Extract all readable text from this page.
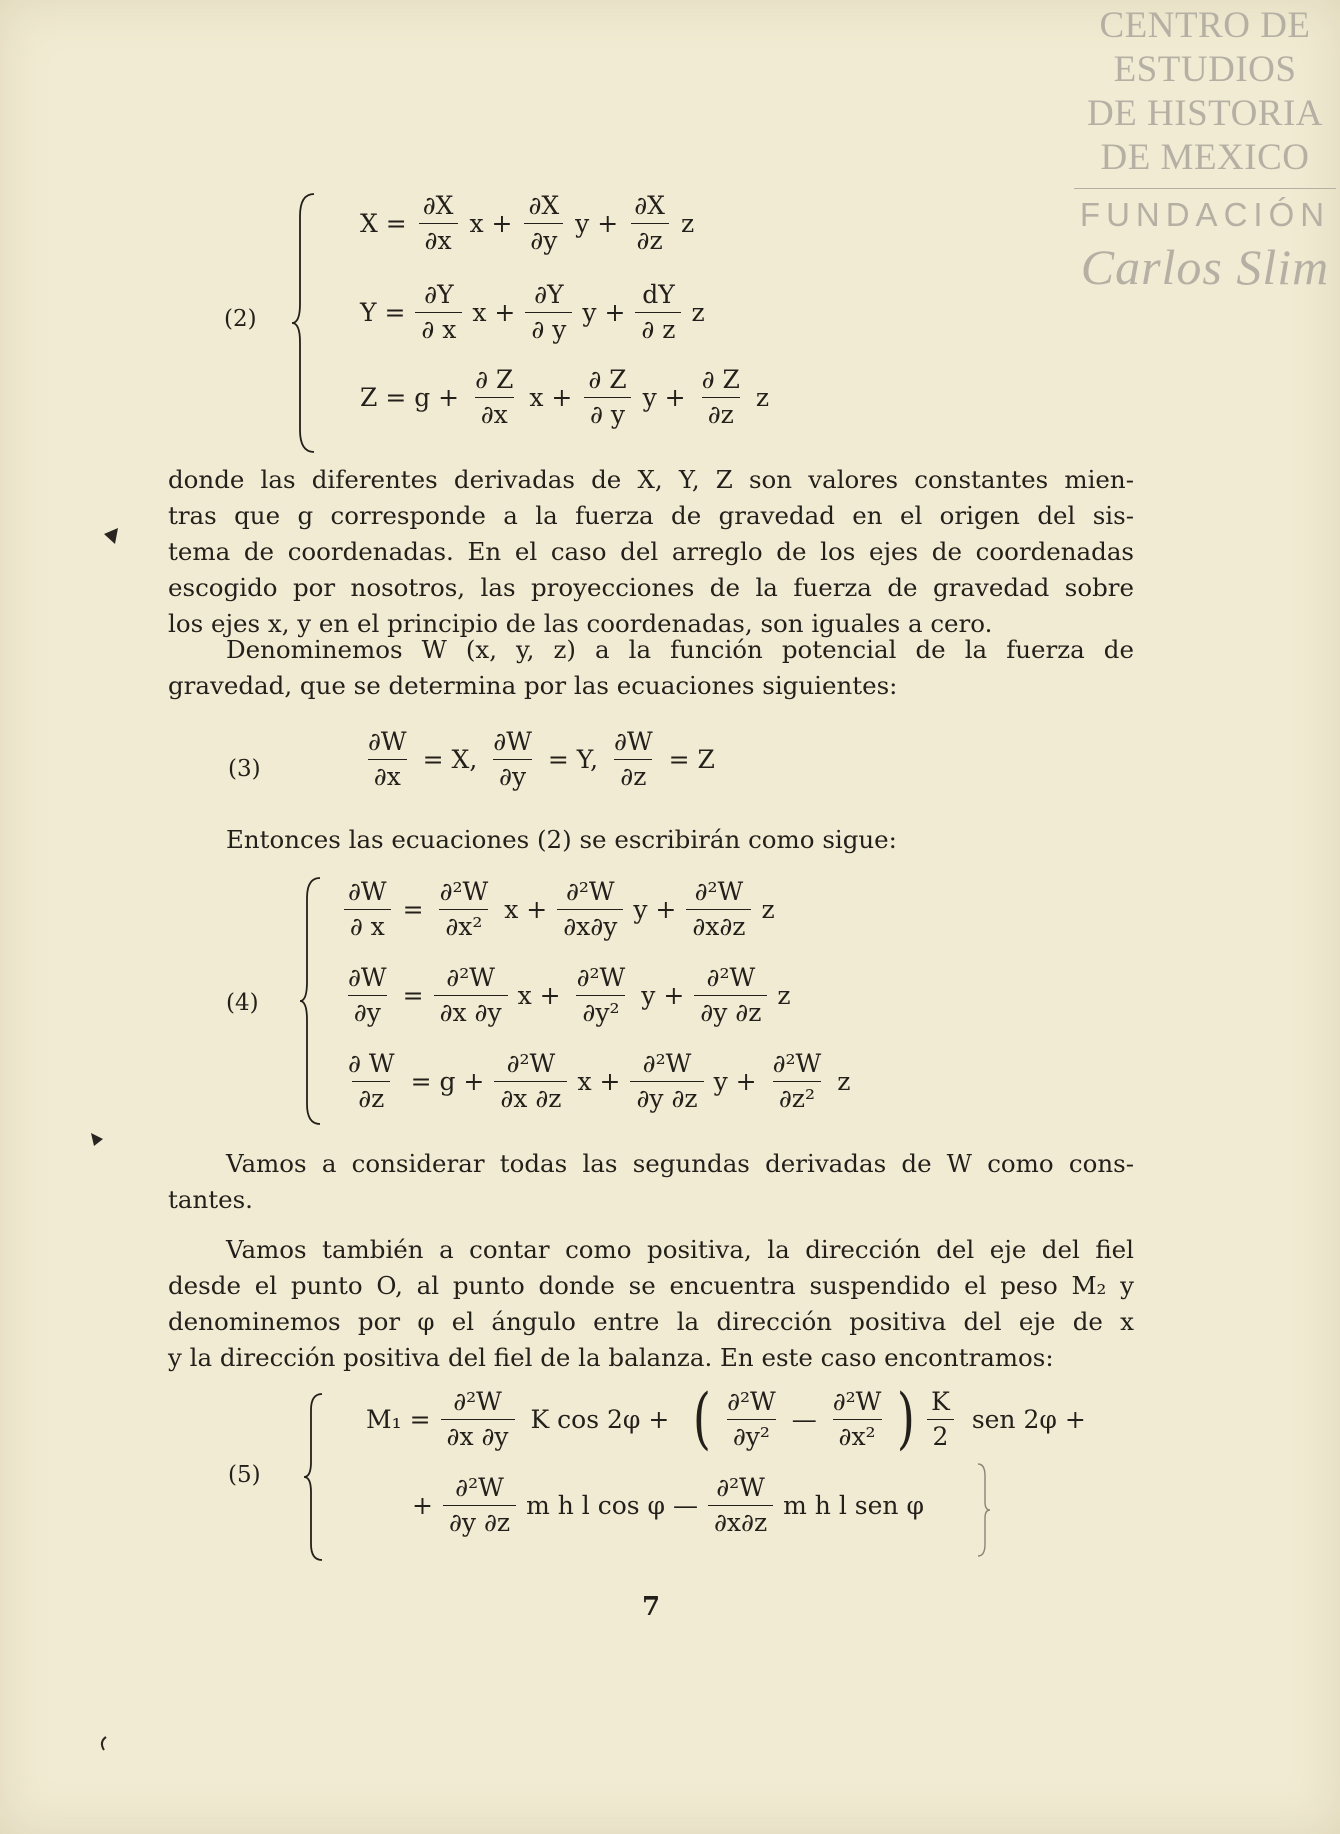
CENTRO DE
ESTUDIOS
DE HISTORIA
DE MEXICO
FUNDACIÓN
Carlos Slim
(2)
$X = \frac{\partial X}{\partial x}$ $x + \frac{\partial X}{\partial y}$ $y + \frac{\partial X}{\partial z}$ z
$Y = \frac{\partial Y}{\partial x}$ $x + \frac{\partial Y}{\partial y}$ $y + \frac{dY}{\partial z}$ z
$Z = g + \frac{\partial Z}{\partial x}$ $x + \frac{\partial Z}{\partial y}$ $y + \frac{\partial Z}{\partial z}$ z
donde las diferentes derivadas de X, Y, Z son valores constantes mien-
tras que g corresponde a la fuerza de gravedad en el origen del sis-
tema de coordenadas. En el caso del arreglo de los ejes de coordenadas
escogido por nosotros, las proyecciones de la fuerza de gravedad sobre
los ejes x, y en el principio de las coordenadas, son iguales a cero.
Denominemos W (x, y, z) a la función potencial de la fuerza de
gravedad, que se determina por las ecuaciones siguientes:
(3)	$\frac{\partial W}{\partial x} = X$, $\frac{\partial W}{\partial y} = Y$, $\frac{\partial W}{\partial z} = Z$
Entonces las ecuaciones (2) se escribirán como sigue:
(4)
$\frac{\partial W}{\partial x} = \frac{\text{∂²W}}{\text{∂x²}}$ $x + \frac{\text{∂²W}}{\partial x\partial y}$ $y + \frac{\text{∂²W}}{\partial x\partial z}$ z
$\frac{\partial W}{\partial y} = \frac{\text{∂²W}}{\partial x \partial y}$ $x + \frac{\text{∂²W}}{\text{∂y²}}$ $y + \frac{\text{∂²W}}{\partial y \partial z}$ z
$\frac{\partial W}{\partial z} = g + \frac{\text{∂²W}}{\partial x \partial z}$ $x + \frac{\text{∂²W}}{\partial y \partial z}$ $y + \frac{\text{∂²W}}{\text{∂z²}}$ z
Vamos a considerar todas las segundas derivadas de W como cons-
tantes.
Vamos también a contar como positiva, la dirección del eje del fiel
desde el punto O, al punto donde se encuentra suspendido el peso M₂ y
denominemos por φ el ángulo entre la dirección positiva del eje de x
y la dirección positiva del fiel de la balanza. En este caso encontramos:
(5)
$M_1 = \frac{\text{∂²W}}{\partial x \partial y}$ K cos 2φ + ( $\frac{\text{∂²W}}{\text{∂y²}}$ — $\frac{\text{∂²W}}{\text{∂x²}}$ ) $\frac{K}{2}$ sen 2φ +
+ $\frac{\text{∂²W}}{\partial y \partial z}$ m h l cos φ — $\frac{\text{∂²W}}{\partial x\partial z}$ m h l sen φ
7
